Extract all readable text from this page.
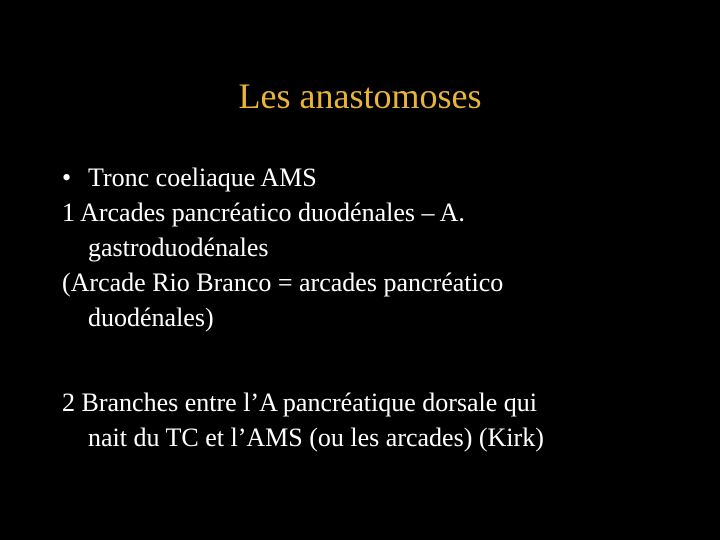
Les anastomoses
• Tronc coeliaque AMS
1 Arcades pancréatico duodénales – A.
gastroduodénales
(Arcade Rio Branco = arcades pancréatico
duodénales)
2 Branches entre l’A pancréatique dorsale qui
nait du TC et l’AMS (ou les arcades) (Kirk)
